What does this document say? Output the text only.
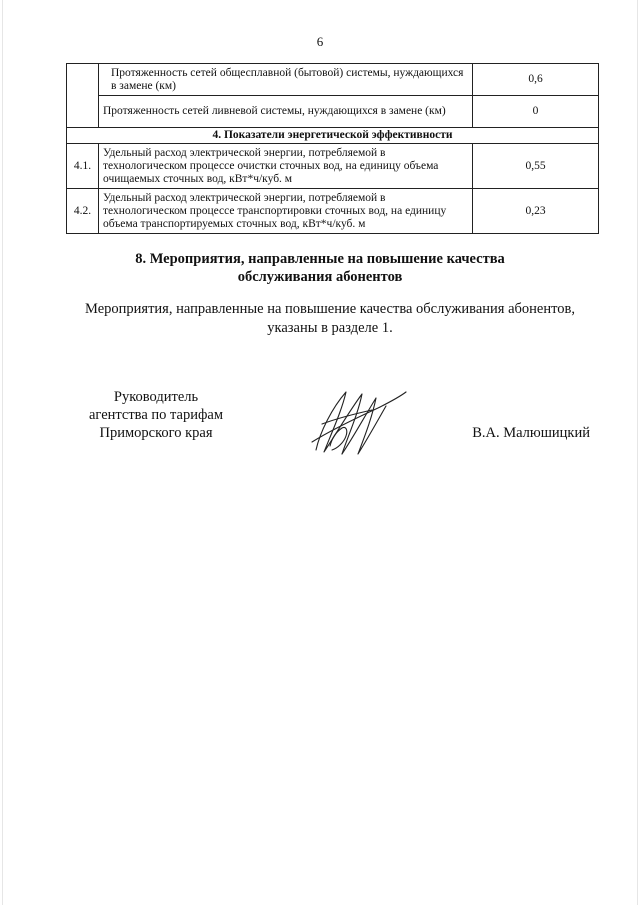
6
	Протяженность сетей общесплавной (бытовой) системы, нуждающихся в замене (км)	0,6
	Протяженность сетей ливневой системы, нуждающихся в замене (км)	0
4. Показатели энергетической эффективности		
4.1.	Удельный расход электрической энергии, потребляемой в технологическом процессе очистки сточных вод, на единицу объема очищаемых сточных вод, кВт*ч/куб. м	0,55
4.2.	Удельный расход электрической энергии, потребляемой в технологическом процессе транспортировки сточных вод, на единицу объема транспортируемых сточных вод, кВт*ч/куб. м	0,23
8. Мероприятия, направленные на повышение качества
обслуживания абонентов
Мероприятия, направленные на повышение качества обслуживания абонентов,
указаны в разделе 1.
Руководитель
агентства по тарифам
Приморского края	В.А. Малюшицкий
